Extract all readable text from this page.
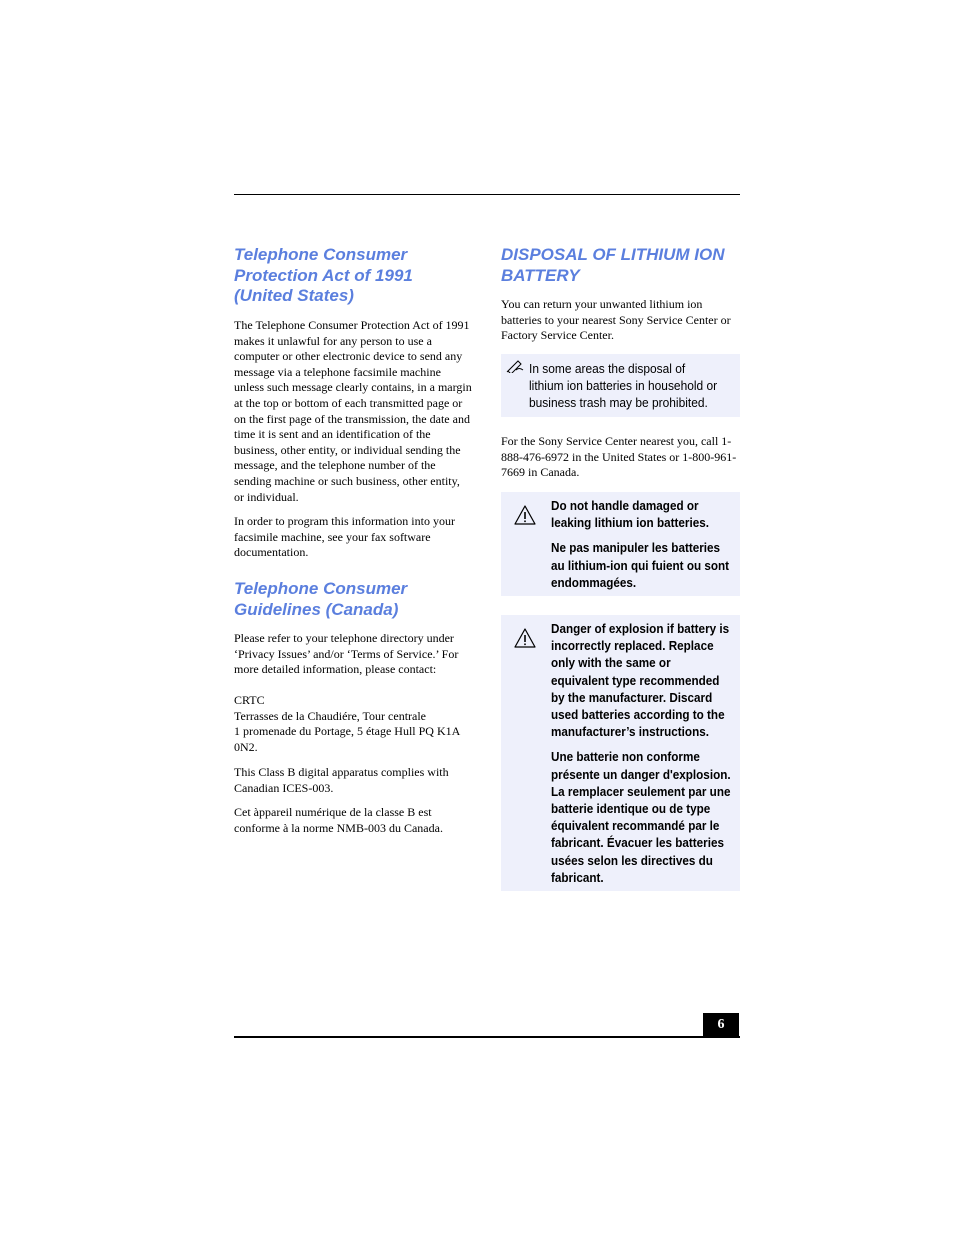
Telephone Consumer
Protection Act of 1991
(United States)

The Telephone Consumer Protection Act of 1991 makes it unlawful for any person to use a computer or other electronic device to send any message via a telephone facsimile machine unless such message clearly contains, in a margin at the top or bottom of each transmitted page or on the first page of the transmission, the date and time it is sent and an identification of the business, other entity, or individual sending the message, and the telephone number of the sending machine or such business, other entity, or individual.

In order to program this information into your facsimile machine, see your fax software documentation.

Telephone Consumer
Guidelines (Canada)

Please refer to your telephone directory under ‘Privacy Issues’ and/or ‘Terms of Service.’ For more detailed information, please contact:

CRTC
Terrasses de la Chaudiére, Tour centrale
1 promenade du Portage, 5 étage Hull PQ K1A
0N2.

This Class B digital apparatus complies with Canadian ICES-003.

Cet àppareil numérique de la classe B est conforme à la norme NMB-003 du Canada.

DISPOSAL OF LITHIUM ION
BATTERY

You can return your unwanted lithium ion batteries to your nearest Sony Service Center or Factory Service Center.

In some areas the disposal of lithium ion batteries in household or business trash may be prohibited.

For the Sony Service Center nearest you, call 1-888-476-6972 in the United States or 1-800-961-7669 in Canada.

Do not handle damaged or leaking lithium ion batteries.
Ne pas manipuler les batteries au lithium-ion qui fuient ou sont endommagées.
Danger of explosion if battery is incorrectly replaced. Replace only with the same or equivalent type recommended by the manufacturer. Discard used batteries according to the manufacturer’s instructions.
Une batterie non conforme présente un danger d'explosion. La remplacer seulement par une batterie identique ou de type équivalent recommandé par le fabricant. Évacuer les batteries usées selon les directives du fabricant.
6
